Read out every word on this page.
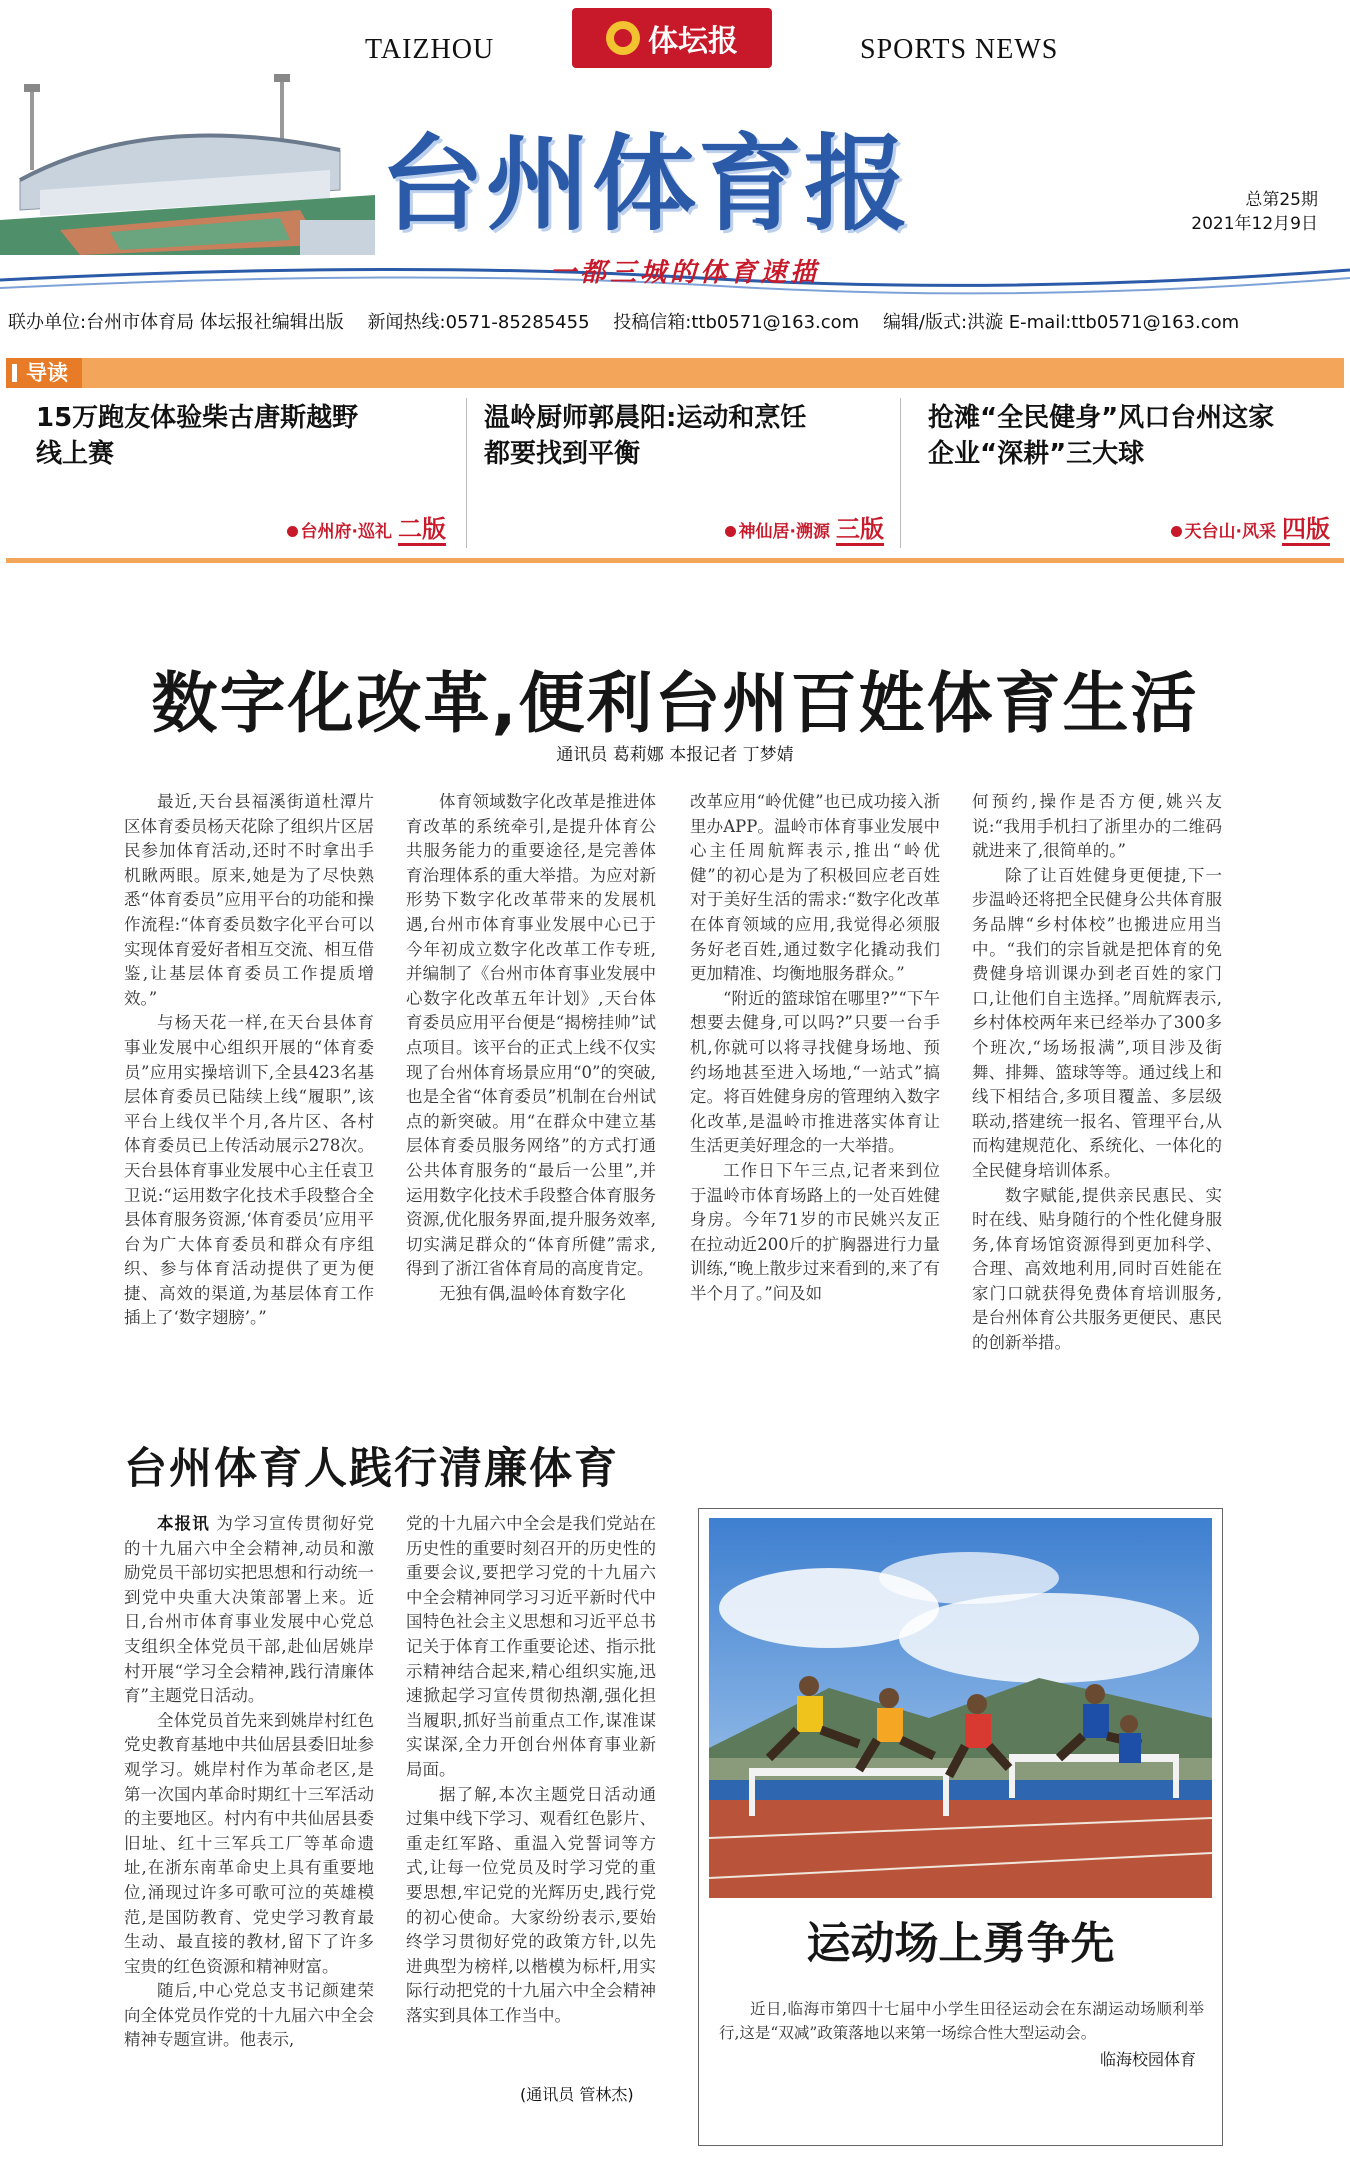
TAIZHOU	体坛报	SPORTS NEWS
台州体育报	总第25期
2021年12月9日
一都三城的体育速描
联办单位:台州市体育局 体坛报社编辑出版 新闻热线:0571-85285455 投稿信箱:ttb0571@163.com 编辑/版式:洪漩 E-mail:ttb0571@163.com
导读
15万跑友体验柴古唐斯越野线上赛
台州府·巡礼 二版
温岭厨师郭晨阳:运动和烹饪都要找到平衡
神仙居·溯源 三版
抢滩“全民健身”风口台州这家企业“深耕”三大球
天台山·风采 四版
数字化改革,便利台州百姓体育生活
通讯员 葛莉娜 本报记者 丁梦婧

最近,天台县福溪街道杜潭片区体育委员杨天花除了组织片区居民参加体育活动,还时不时拿出手机瞅两眼。原来,她是为了尽快熟悉“体育委员”应用平台的功能和操作流程:“体育委员数字化平台可以实现体育爱好者相互交流、相互借鉴,让基层体育委员工作提质增效。”

与杨天花一样,在天台县体育事业发展中心组织开展的“体育委员”应用实操培训下,全县423名基层体育委员已陆续上线“履职”,该平台上线仅半个月,各片区、各村体育委员已上传活动展示278次。天台县体育事业发展中心主任袁卫卫说:“运用数字化技术手段整合全县体育服务资源,‘体育委员’应用平台为广大体育委员和群众有序组织、参与体育活动提供了更为便捷、高效的渠道,为基层体育工作插上了‘数字翅膀’。”

体育领域数字化改革是推进体育改革的系统牵引,是提升体育公共服务能力的重要途径,是完善体育治理体系的重大举措。为应对新形势下数字化改革带来的发展机遇,台州市体育事业发展中心已于今年初成立数字化改革工作专班,并编制了《台州市体育事业发展中心数字化改革五年计划》,天台体育委员应用平台便是“揭榜挂帅”试点项目。该平台的正式上线不仅实现了台州体育场景应用“0”的突破,也是全省“体育委员”机制在台州试点的新突破。用“在群众中建立基层体育委员服务网络”的方式打通公共体育服务的“最后一公里”,并运用数字化技术手段整合体育服务资源,优化服务界面,提升服务效率,切实满足群众的“体育所健”需求,得到了浙江省体育局的高度肯定。

无独有偶,温岭体育数字化

改革应用“岭优健”也已成功接入浙里办APP。温岭市体育事业发展中心主任周航辉表示,推出“岭优健”的初心是为了积极回应老百姓对于美好生活的需求:“数字化改革在体育领域的应用,我觉得必须服务好老百姓,通过数字化撬动我们更加精准、均衡地服务群众。”

“附近的篮球馆在哪里?”“下午想要去健身,可以吗?”只要一台手机,你就可以将寻找健身场地、预约场地甚至进入场地,“一站式”搞定。将百姓健身房的管理纳入数字化改革,是温岭市推进落实体育让生活更美好理念的一大举措。

工作日下午三点,记者来到位于温岭市体育场路上的一处百姓健身房。今年71岁的市民姚兴友正在拉动近200斤的扩胸器进行力量训练,“晚上散步过来看到的,来了有半个月了。”问及如

何预约,操作是否方便,姚兴友说:“我用手机扫了浙里办的二维码就进来了,很简单的。”

除了让百姓健身更便捷,下一步温岭还将把全民健身公共体育服务品牌“乡村体校”也搬进应用当中。“我们的宗旨就是把体育的免费健身培训课办到老百姓的家门口,让他们自主选择。”周航辉表示,乡村体校两年来已经举办了300多个班次,“场场报满”,项目涉及街舞、排舞、篮球等等。通过线上和线下相结合,多项目覆盖、多层级联动,搭建统一报名、管理平台,从而构建规范化、系统化、一体化的全民健身培训体系。

数字赋能,提供亲民惠民、实时在线、贴身随行的个性化健身服务,体育场馆资源得到更加科学、合理、高效地利用,同时百姓能在家门口就获得免费体育培训服务,是台州体育公共服务更便民、惠民的创新举措。

台州体育人践行清廉体育

本报讯 为学习宣传贯彻好党的十九届六中全会精神,动员和激励党员干部切实把思想和行动统一到党中央重大决策部署上来。近日,台州市体育事业发展中心党总支组织全体党员干部,赴仙居姚岸村开展“学习全会精神,践行清廉体育”主题党日活动。

全体党员首先来到姚岸村红色党史教育基地中共仙居县委旧址参观学习。姚岸村作为革命老区,是第一次国内革命时期红十三军活动的主要地区。村内有中共仙居县委旧址、红十三军兵工厂等革命遗址,在浙东南革命史上具有重要地位,涌现过许多可歌可泣的英雄模范,是国防教育、党史学习教育最生动、最直接的教材,留下了许多宝贵的红色资源和精神财富。

随后,中心党总支书记颜建荣向全体党员作党的十九届六中全会精神专题宣讲。他表示,

党的十九届六中全会是我们党站在历史性的重要时刻召开的历史性的重要会议,要把学习党的十九届六中全会精神同学习习近平新时代中国特色社会主义思想和习近平总书记关于体育工作重要论述、指示批示精神结合起来,精心组织实施,迅速掀起学习宣传贯彻热潮,强化担当履职,抓好当前重点工作,谋准谋实谋深,全力开创台州体育事业新局面。

据了解,本次主题党日活动通过集中线下学习、观看红色影片、重走红军路、重温入党誓词等方式,让每一位党员及时学习党的重要思想,牢记党的光辉历史,践行党的初心使命。大家纷纷表示,要始终学习贯彻好党的政策方针,以先进典型为榜样,以楷模为标杆,用实际行动把党的十九届六中全会精神落实到具体工作当中。

(通讯员 管林杰)
运动场上勇争先
近日,临海市第四十七届中小学生田径运动会在东湖运动场顺利举行,这是“双减”政策落地以来第一场综合性大型运动会。
临海校园体育
